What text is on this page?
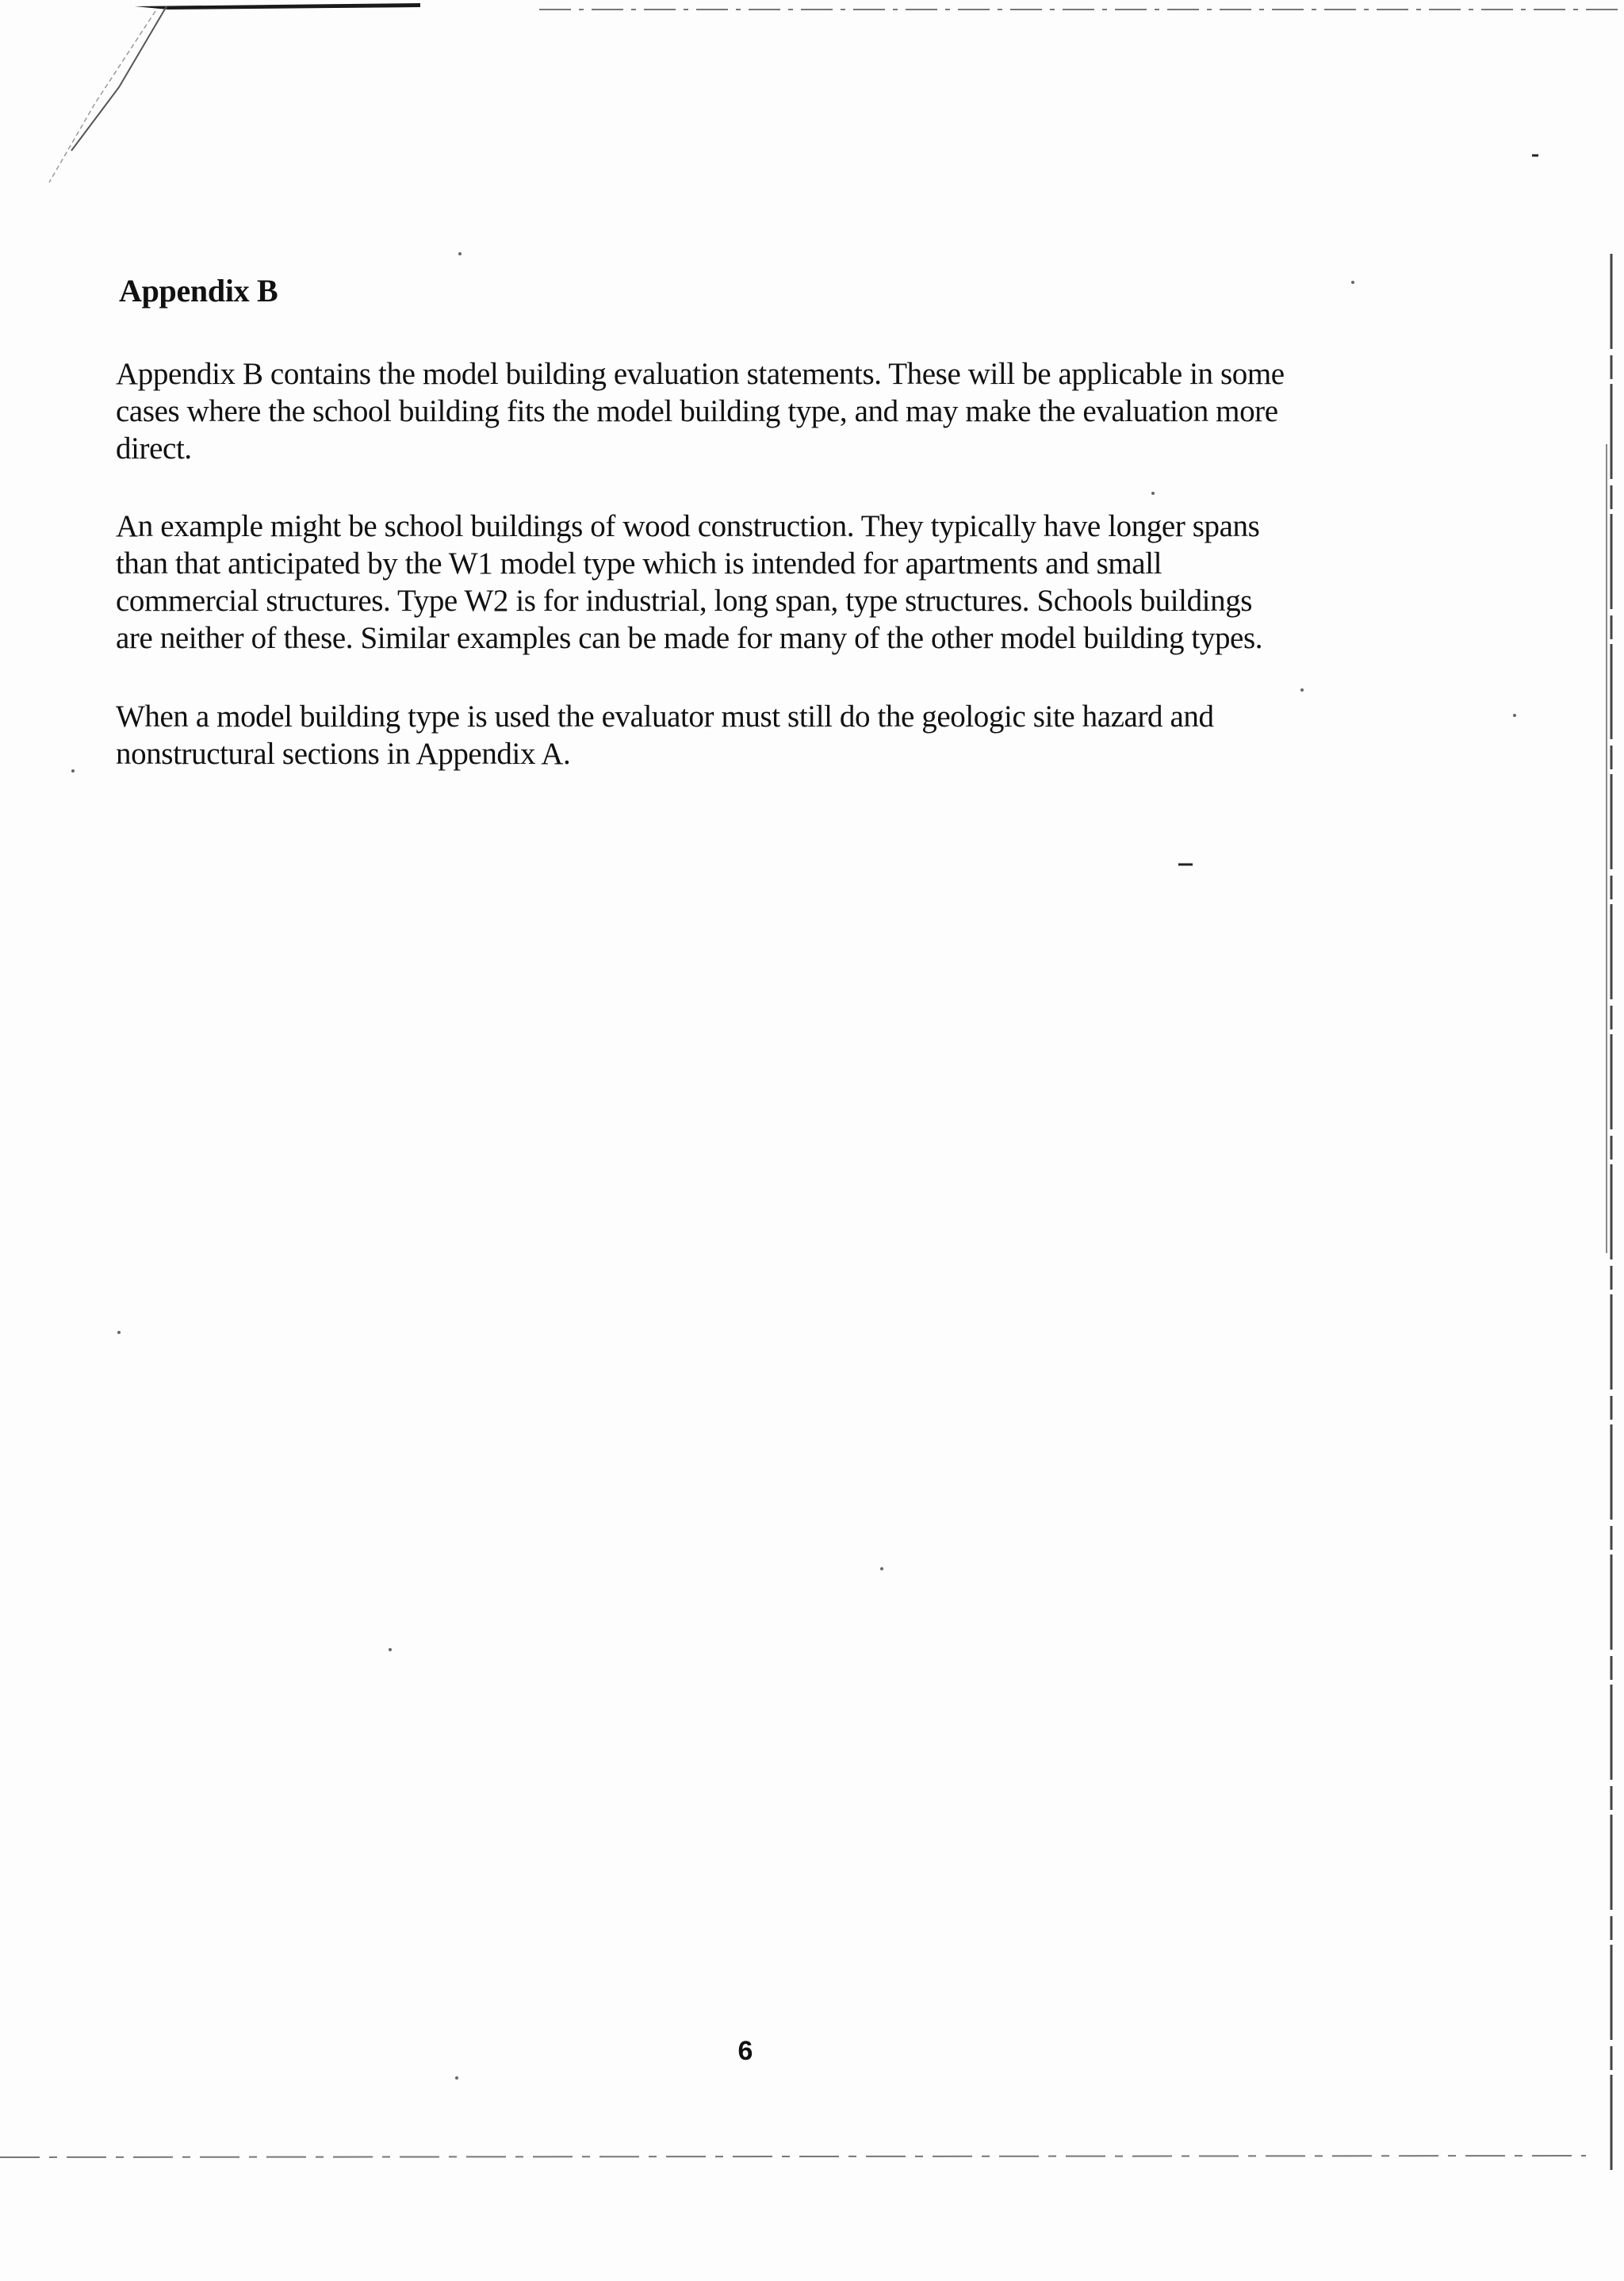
Appendix B

Appendix B contains the model building evaluation statements. These will be applicable in some
cases where the school building fits the model building type, and may make the evaluation more
direct.

An example might be school buildings of wood construction. They typically have longer spans
than that anticipated by the W1 model type which is intended for apartments and small
commercial structures. Type W2 is for industrial, long span, type structures. Schools buildings
are neither of these. Similar examples can be made for many of the other model building types.

When a model building type is used the evaluator must still do the geologic site hazard and
nonstructural sections in Appendix A.

6
